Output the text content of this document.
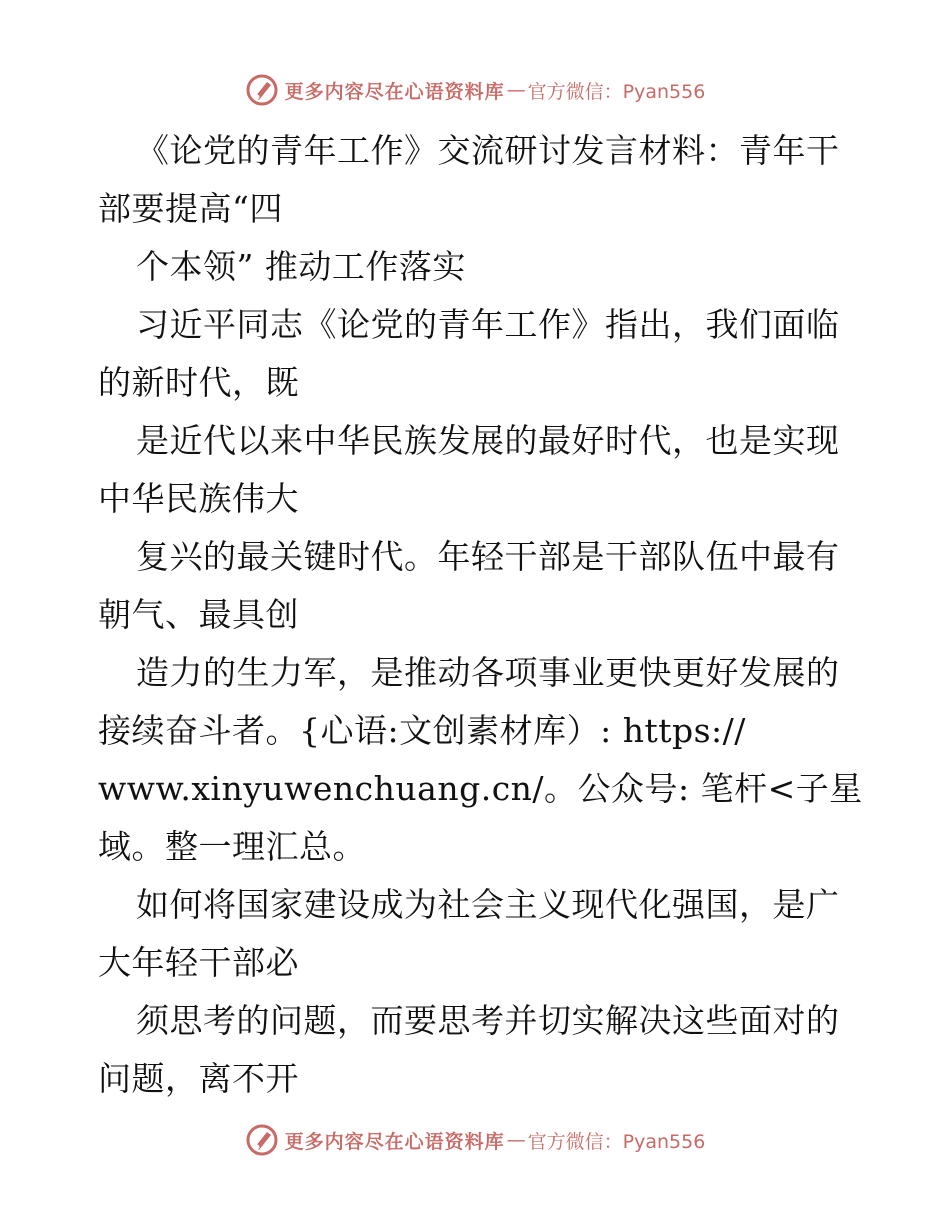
更多内容尽在心语资料库 — 官方微信：Pyan556
《论党的青年工作》交流研讨发言材料：青年干
部要提高“四
个本领” 推动工作落实
习近平同志《论党的青年工作》指出，我们面临
的新时代，既
是近代以来中华民族发展的最好时代，也是实现
中华民族伟大
复兴的最关键时代。年轻干部是干部队伍中最有
朝气、最具创
造力的生力军，是推动各项事业更快更好发展的
接续奋斗者。{心语:文创素材库）: https://
www.xinyuwenchuang.cn/。公众号: 笔杆<子星
域。整一理汇总。
如何将国家建设成为社会主义现代化强国，是广
大年轻干部必
须思考的问题，而要思考并切实解决这些面对的
问题，离不开
更多内容尽在心语资料库 — 官方微信：Pyan556
